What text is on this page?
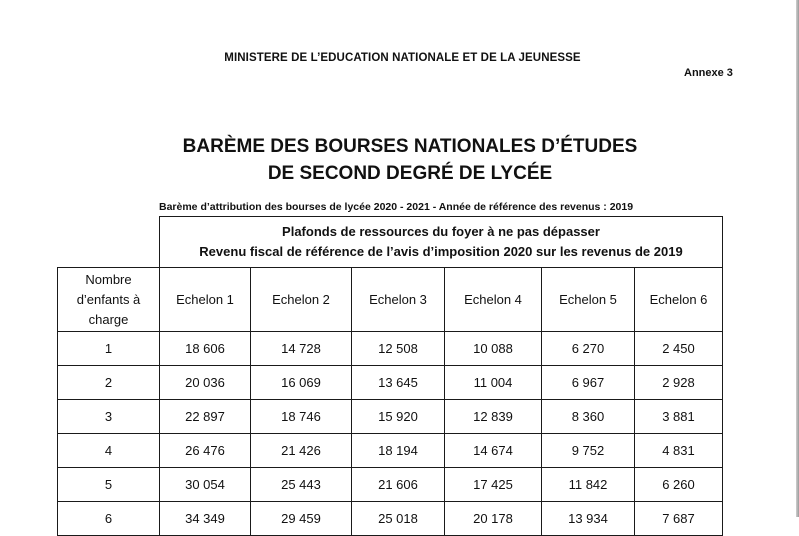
MINISTERE DE L’EDUCATION NATIONALE ET DE LA JEUNESSE
Annexe 3
BARÈME DES BOURSES NATIONALES D’ÉTUDES
DE SECOND DEGRÉ DE LYCÉE
Barème d’attribution des bourses de lycée 2020 - 2021 - Année de référence des revenus : 2019

	Plafonds de ressources du foyer à ne pas dépasser
Revenu fiscal de référence de l’avis d’imposition 2020 sur les revenus de 2019					

Nombre
d’enfants à
charge	Echelon 1	Echelon 2	Echelon 3	Echelon 4	Echelon 5	Echelon 6
1	18 606	14 728	12 508	10 088	6 270	2 450
2	20 036	16 069	13 645	11 004	6 967	2 928
3	22 897	18 746	15 920	12 839	8 360	3 881
4	26 476	21 426	18 194	14 674	9 752	4 831
5	30 054	25 443	21 606	17 425	11 842	6 260
6	34 349	29 459	25 018	20 178	13 934	7 687
